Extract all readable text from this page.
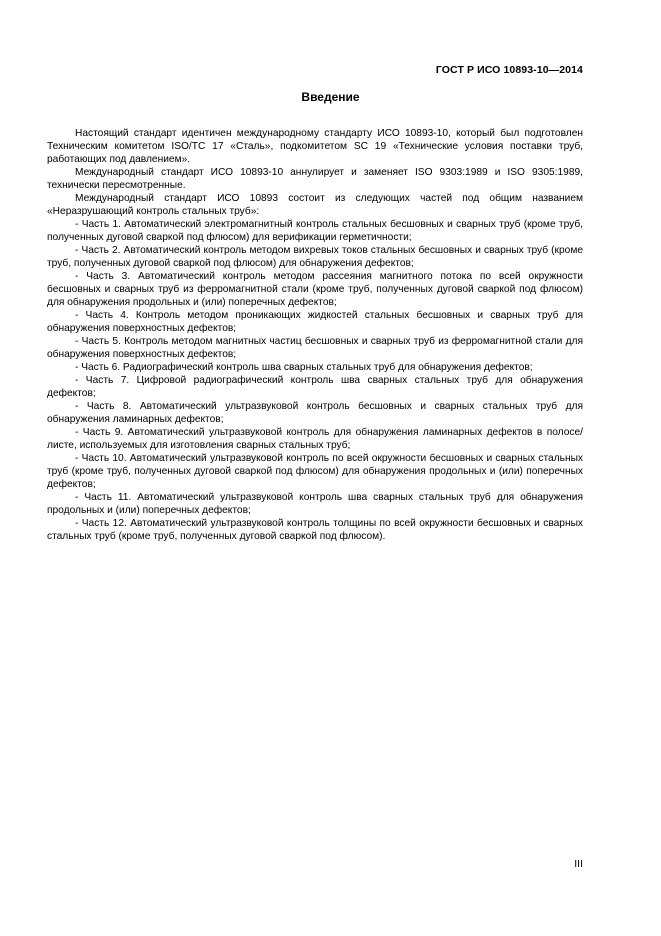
ГОСТ Р ИСО 10893-10—2014
Введение

Настоящий стандарт идентичен международному стандарту ИСО 10893-10, который был подготовлен Техническим комитетом ISO/TC 17 «Сталь», подкомитетом SC 19 «Технические условия поставки труб, работающих под давлением».

Международный стандарт ИСО 10893-10 аннулирует и заменяет ISO 9303:1989 и ISO 9305:1989, технически пересмотренные.

Международный стандарт ИСО 10893 состоит из следующих частей под общим названием «Неразрушающий контроль стальных труб»:

- Часть 1. Автоматический электромагнитный контроль стальных бесшовных и сварных труб (кроме труб, полученных дуговой сваркой под флюсом) для верификации герметичности;

- Часть 2. Автоматический контроль методом вихревых токов стальных бесшовных и сварных труб (кроме труб, полученных дуговой сваркой под флюсом) для обнаружения дефектов;

- Часть 3. Автоматический контроль методом рассеяния магнитного потока по всей окружности бесшовных и сварных труб из ферромагнитной стали (кроме труб, полученных дуговой сваркой под флюсом) для обнаружения продольных и (или) поперечных дефектов;

- Часть 4. Контроль методом проникающих жидкостей стальных бесшовных и сварных труб для обнаружения поверхностных дефектов;

- Часть 5. Контроль методом магнитных частиц бесшовных и сварных труб из ферромагнитной стали для обнаружения поверхностных дефектов;

- Часть 6. Радиографический контроль шва сварных стальных труб для обнаружения дефектов;

- Часть 7. Цифровой радиографический контроль шва сварных стальных труб для обнаружения дефектов;

- Часть 8. Автоматический ультразвуковой контроль бесшовных и сварных стальных труб для обнаружения ламинарных дефектов;

- Часть 9. Автоматический ультразвуковой контроль для обнаружения ламинарных дефектов в полосе/листе, используемых для изготовления сварных стальных труб;

- Часть 10. Автоматический ультразвуковой контроль по всей окружности бесшовных и сварных стальных труб (кроме труб, полученных дуговой сваркой под флюсом) для обнаружения продольных и (или) поперечных дефектов;

- Часть 11. Автоматический ультразвуковой контроль шва сварных стальных труб для обнаружения продольных и (или) поперечных дефектов;

- Часть 12. Автоматический ультразвуковой контроль толщины по всей окружности бесшовных и сварных стальных труб (кроме труб, полученных дуговой сваркой под флюсом).

III
